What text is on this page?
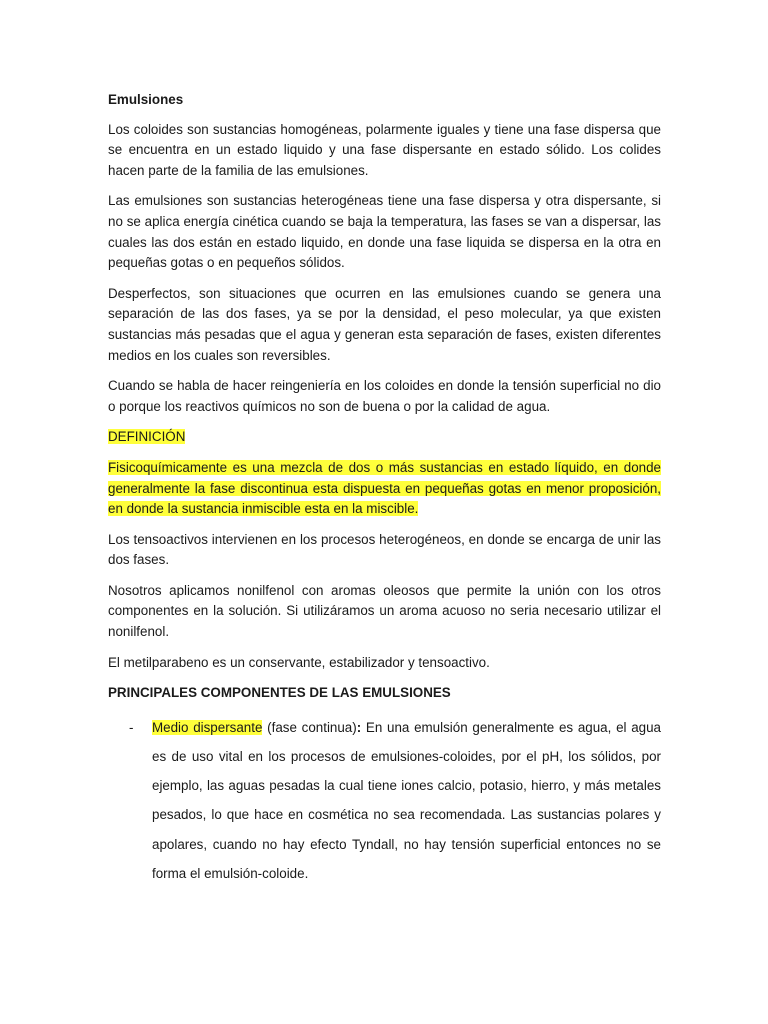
Emulsiones

Los coloides son sustancias homogéneas, polarmente iguales y tiene una fase dispersa que se encuentra en un estado liquido y una fase dispersante en estado sólido. Los colides hacen parte de la familia de las emulsiones.

Las emulsiones son sustancias heterogéneas tiene una fase dispersa y otra dispersante, si no se aplica energía cinética cuando se baja la temperatura, las fases se van a dispersar, las cuales las dos están en estado liquido, en donde una fase liquida se dispersa en la otra en pequeñas gotas o en pequeños sólidos.

Desperfectos, son situaciones que ocurren en las emulsiones cuando se genera una separación de las dos fases, ya se por la densidad, el peso molecular, ya que existen sustancias más pesadas que el agua y generan esta separación de fases, existen diferentes medios en los cuales son reversibles.

Cuando se habla de hacer reingeniería en los coloides en donde la tensión superficial no dio o porque los reactivos químicos no son de buena o por la calidad de agua.

DEFINICIÓN

Fisicoquímicamente es una mezcla de dos o más sustancias en estado líquido, en donde generalmente la fase discontinua esta dispuesta en pequeñas gotas en menor proposición, en donde la sustancia inmiscible esta en la miscible.

Los tensoactivos intervienen en los procesos heterogéneos, en donde se encarga de unir las dos fases.

Nosotros aplicamos nonilfenol con aromas oleosos que permite la unión con los otros componentes en la solución. Si utilizáramos un aroma acuoso no seria necesario utilizar el nonilfenol.

El metilparabeno es un conservante, estabilizador y tensoactivo.

PRINCIPALES COMPONENTES DE LAS EMULSIONES

- Medio dispersante (fase continua): En una emulsión generalmente es agua, el agua es de uso vital en los procesos de emulsiones-coloides, por el pH, los sólidos, por ejemplo, las aguas pesadas la cual tiene iones calcio, potasio, hierro, y más metales pesados, lo que hace en cosmética no sea recomendada. Las sustancias polares y apolares, cuando no hay efecto Tyndall, no hay tensión superficial entonces no se forma el emulsión-coloide.
